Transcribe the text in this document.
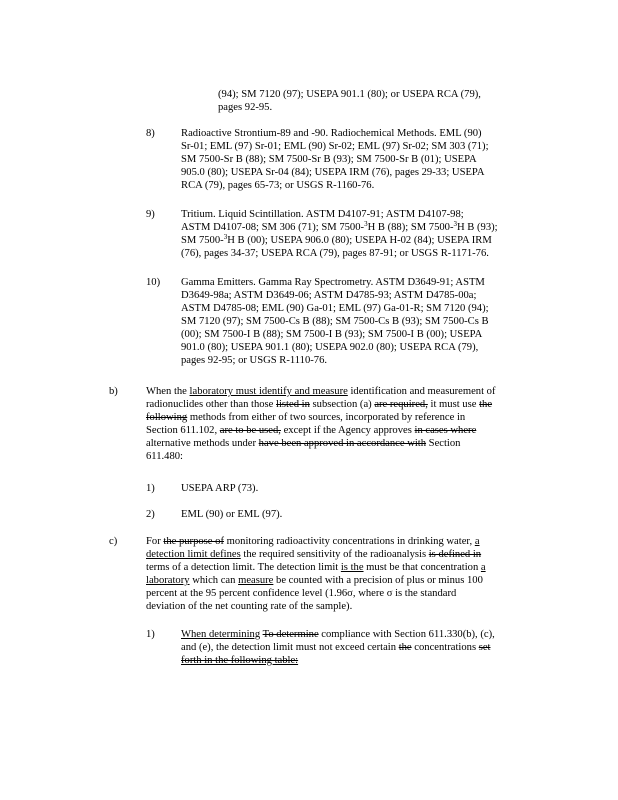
(94); SM 7120 (97); USEPA 901.1 (80); or USEPA RCA (79),

pages 92-95.

8) Radioactive Strontium-89 and -90. Radiochemical Methods. EML (90)

Sr-01; EML (97) Sr-01; EML (90) Sr-02; EML (97) Sr-02; SM 303 (71);

SM 7500-Sr B (88); SM 7500-Sr B (93); SM 7500-Sr B (01); USEPA

905.0 (80); USEPA Sr-04 (84); USEPA IRM (76), pages 29-33; USEPA

RCA (79), pages 65-73; or USGS R-1160-76.

9) Tritium. Liquid Scintillation. ASTM D4107-91; ASTM D4107-98;

ASTM D4107-08; SM 306 (71); SM 7500-$^3$H B (88); SM 7500-$^3$H B (93);

SM 7500-$^3$H B (00); USEPA 906.0 (80); USEPA H-02 (84); USEPA IRM

(76), pages 34-37; USEPA RCA (79), pages 87-91; or USGS R-1171-76.

10) Gamma Emitters. Gamma Ray Spectrometry. ASTM D3649-91; ASTM

D3649-98a; ASTM D3649-06; ASTM D4785-93; ASTM D4785-00a;

ASTM D4785-08; EML (90) Ga-01; EML (97) Ga-01-R; SM 7120 (94);

SM 7120 (97); SM 7500-Cs B (88); SM 7500-Cs B (93); SM 7500-Cs B

(00); SM 7500-I B (88); SM 7500-I B (93); SM 7500-I B (00); USEPA

901.0 (80); USEPA 901.1 (80); USEPA 902.0 (80); USEPA RCA (79),

pages 92-95; or USGS R-1110-76.

b)	When the laboratory must identify and measure identification and measurement of

radionuclides other than those listed in subsection (a) are required, it must use the

following methods from either of two sources, incorporated by reference in

Section 611.102, are to be used, except if the Agency approves in cases where

alternative methods under have been approved in accordance with Section

611.480:

1) USEPA ARP (73).
2) EML (90) or EML (97).
c)	For the purpose of monitoring radioactivity concentrations in drinking water, a

detection limit defines the required sensitivity of the radioanalysis is defined in

terms of a detection limit. The detection limit is the must be that concentration a

laboratory which can measure be counted with a precision of plus or minus 100

percent at the 95 percent confidence level (1.96σ, where σ is the standard

deviation of the net counting rate of the sample).

1) When determining To determine compliance with Section 611.330(b), (c),

and (e), the detection limit must not exceed certain the concentrations set

forth in the following table:
